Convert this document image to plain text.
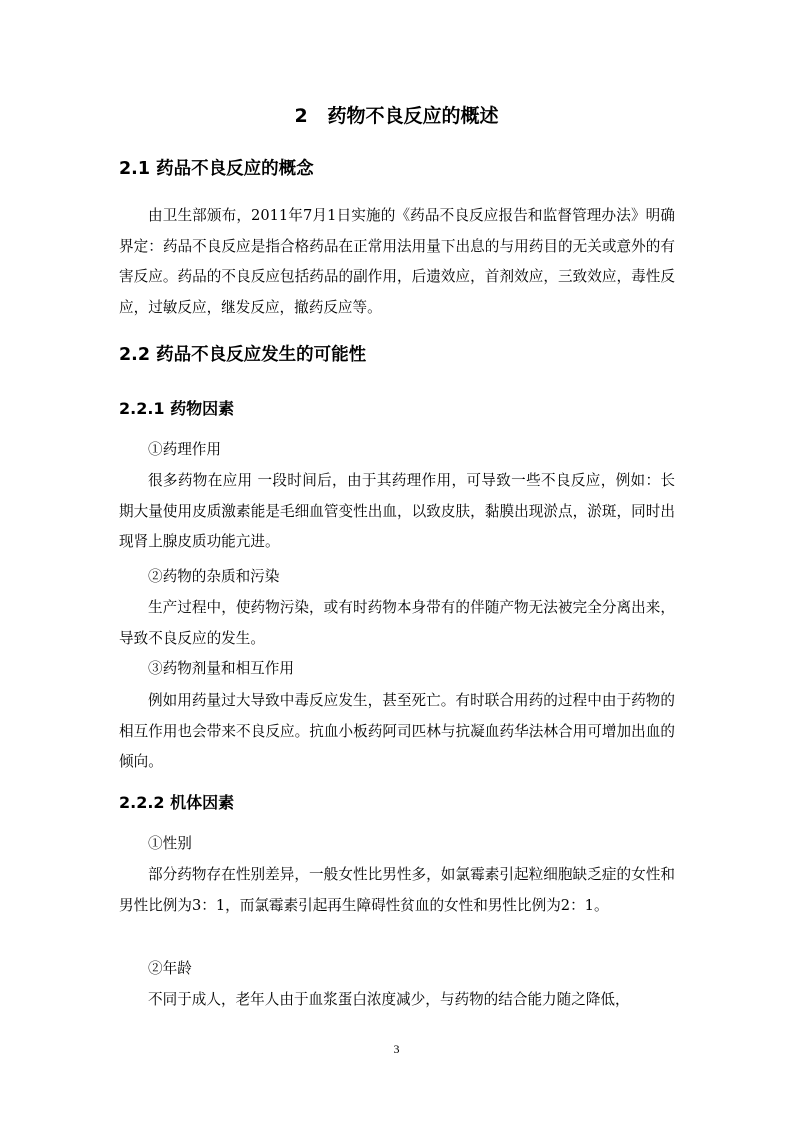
2   药物不良反应的概述
2.1 药品不良反应的概念

由卫生部颁布，2011年7月1日实施的《药品不良反应报告和监督管理办法》明确界定：药品不良反应是指合格药品在正常用法用量下出息的与用药目的无关或意外的有害反应。药品的不良反应包括药品的副作用，后遗效应，首剂效应，三致效应，毒性反应，过敏反应，继发反应，撤药反应等。

2.2 药品不良反应发生的可能性
2.2.1 药物因素
①药理作用

很多药物在应用 一段时间后，由于其药理作用，可导致一些不良反应，例如：长期大量使用皮质激素能是毛细血管变性出血，以致皮肤，黏膜出现淤点，淤斑，同时出现肾上腺皮质功能亢进。

②药物的杂质和污染

生产过程中，使药物污染，或有时药物本身带有的伴随产物无法被完全分离出来，导致不良反应的发生。

③药物剂量和相互作用

例如用药量过大导致中毒反应发生，甚至死亡。有时联合用药的过程中由于药物的相互作用也会带来不良反应。抗血小板药阿司匹林与抗凝血药华法林合用可增加出血的倾向。

2.2.2 机体因素
①性别

部分药物存在性别差异，一般女性比男性多，如氯霉素引起粒细胞缺乏症的女性和男性比例为3：1，而氯霉素引起再生障碍性贫血的女性和男性比例为2：1。

②年龄

不同于成人，老年人由于血浆蛋白浓度减少，与药物的结合能力随之降低，

3
